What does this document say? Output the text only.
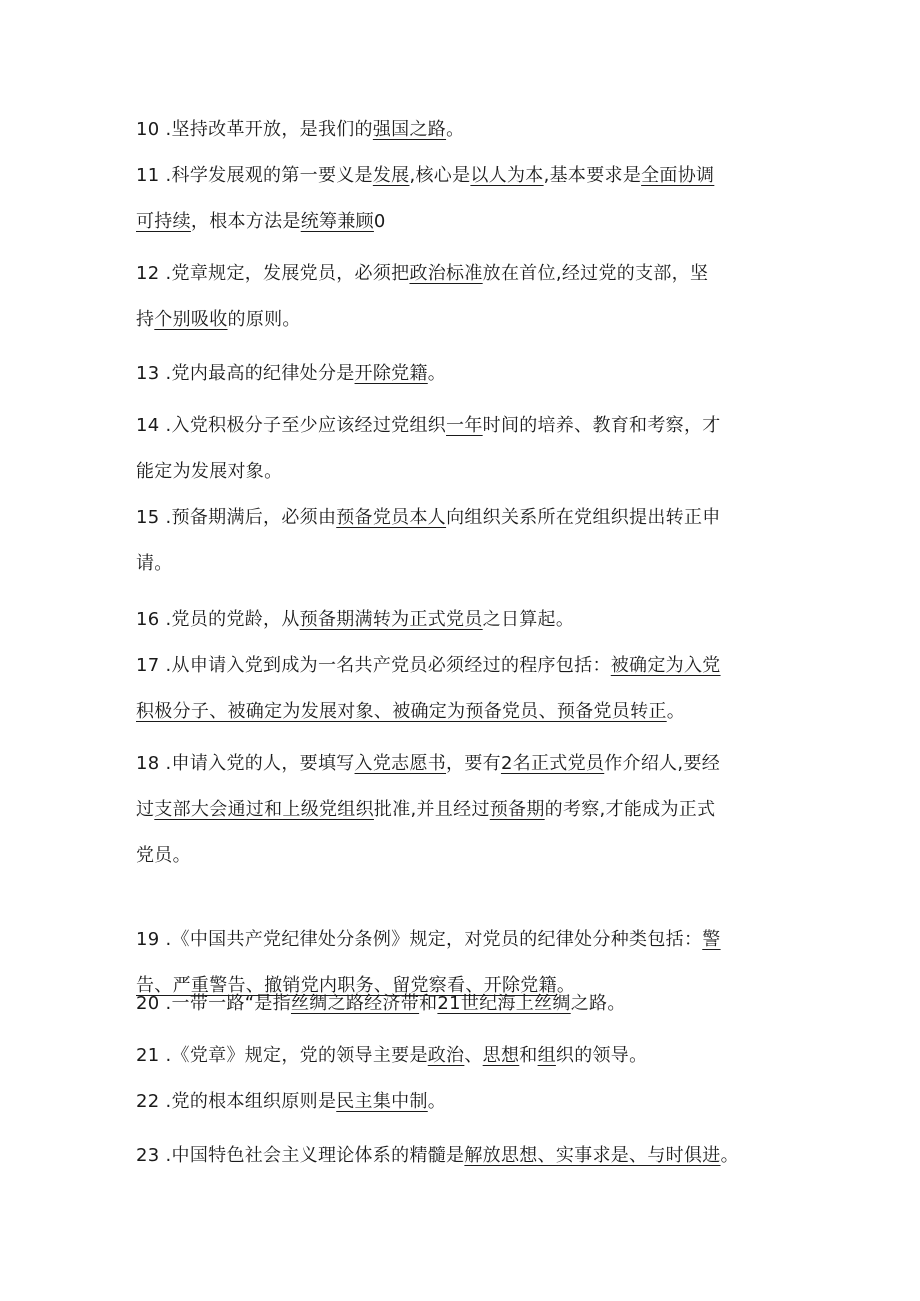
10 .坚持改革开放，是我们的强国之路。
11 .科学发展观的第一要义是发展,核心是以人为本,基本要求是全面协调
可持续，根本方法是统筹兼顾0
12 .党章规定，发展党员，必须把政治标准放在首位,经过党的支部，坚
持个别吸收的原则。
13 .党内最高的纪律处分是开除党籍。
14 .入党积极分子至少应该经过党组织一年时间的培养、教育和考察，才
能定为发展对象。
15 .预备期满后，必须由预备党员本人向组织关系所在党组织提出转正申
请。
16 .党员的党龄，从预备期满转为正式党员之日算起。
17 .从申请入党到成为一名共产党员必须经过的程序包括：被确定为入党
积极分子、被确定为发展对象、被确定为预备党员、预备党员转正。
18 .申请入党的人，要填写入党志愿书，要有2名正式党员作介绍人,要经
过支部大会通过和上级党组织批准,并且经过预备期的考察,才能成为正式
党员。
19 .《中国共产党纪律处分条例》规定，对党员的纪律处分种类包括：警
告、严重警告、撤销党内职务、留党察看、开除党籍。
20 .一带一路“是指丝绸之路经济带和21世纪海上丝绸之路。
21 .《党章》规定，党的领导主要是政治、思想和组织的领导。
22 .党的根本组织原则是民主集中制。
23 .中国特色社会主义理论体系的精髓是解放思想、实事求是、与时俱进。
